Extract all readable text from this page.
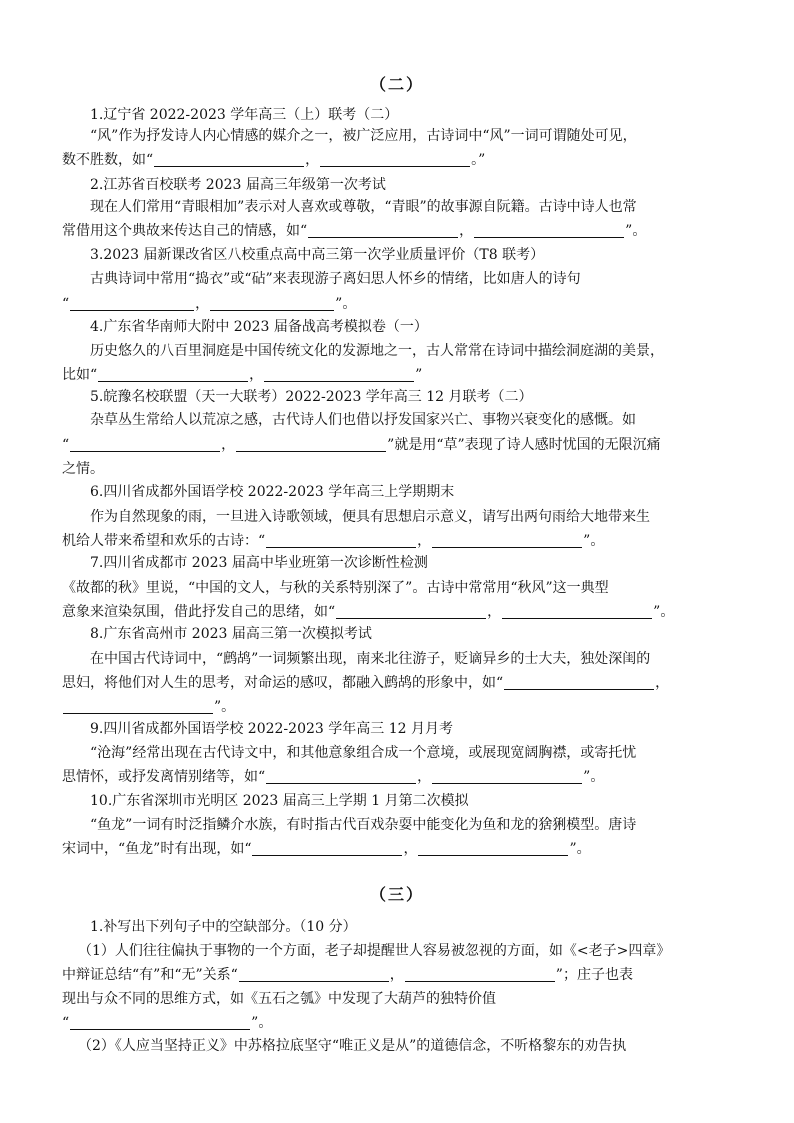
（二）
1.辽宁省 2022-2023 学年高三（上）联考（二）
“风”作为抒发诗人内心情感的媒介之一，被广泛应用，古诗词中“风”一词可谓随处可见，
数不胜数，如“	，	。”
2.江苏省百校联考 2023 届高三年级第一次考试
现在人们常用“青眼相加”表示对人喜欢或尊敬，“青眼”的故事源自阮籍。古诗中诗人也常
常借用这个典故来传达自己的情感，如“	，	”。
3.2023 届新课改省区八校重点高中高三第一次学业质量评价（T8 联考）
古典诗词中常用“捣衣”或“砧”来表现游子离妇思人怀乡的情绪，比如唐人的诗句
“	，	”。
4.广东省华南师大附中 2023 届备战高考模拟卷（一）
历史悠久的八百里洞庭是中国传统文化的发源地之一，古人常常在诗词中描绘洞庭湖的美景，
比如“	，	”
5.皖豫名校联盟（天一大联考）2022-2023 学年高三 12 月联考（二）
杂草丛生常给人以荒凉之感，古代诗人们也借以抒发国家兴亡、事物兴衰变化的感慨。如
“	，	”就是用“草”表现了诗人感时忧国的无限沉痛
之情。
6.四川省成都外国语学校 2022-2023 学年高三上学期期末
作为自然现象的雨，一旦进入诗歌领域，便具有思想启示意义，请写出两句雨给大地带来生
机给人带来希望和欢乐的古诗：“	，	”。
7.四川省成都市 2023 届高中毕业班第一次诊断性检测
《故都的秋》里说，“中国的文人，与秋的关系特别深了”。古诗中常常用“秋风”这一典型
意象来渲染氛围，借此抒发自己的思绪，如“	，	”。
8.广东省高州市 2023 届高三第一次模拟考试
在中国古代诗词中，“鹧鸪”一词频繁出现，南来北往游子，贬谪异乡的士大夫，独处深闺的
思妇，将他们对人生的思考，对命运的感叹，都融入鹧鸪的形象中，如“	，
”。
9.四川省成都外国语学校 2022-2023 学年高三 12 月月考
“沧海”经常出现在古代诗文中，和其他意象组合成一个意境，或展现宽阔胸襟，或寄托忧
思情怀，或抒发离情别绪等，如“	，	”。
10.广东省深圳市光明区 2023 届高三上学期 1 月第二次模拟
“鱼龙”一词有时泛指鳞介水族，有时指古代百戏杂耍中能变化为鱼和龙的猞猁模型。唐诗
宋词中，“鱼龙”时有出现，如“	，	”。
（三）
1.补写出下列句子中的空缺部分。（10 分）
（1）人们往往偏执于事物的一个方面，老子却提醒世人容易被忽视的方面，如《<老子>四章》
中辩证总结“有”和“无”关系“	，	”；庄子也表
现出与众不同的思维方式，如《五石之瓠》中发现了大葫芦的独特价值
“	”。
（2）《人应当坚持正义》中苏格拉底坚守“唯正义是从”的道德信念，不听格黎东的劝告执
